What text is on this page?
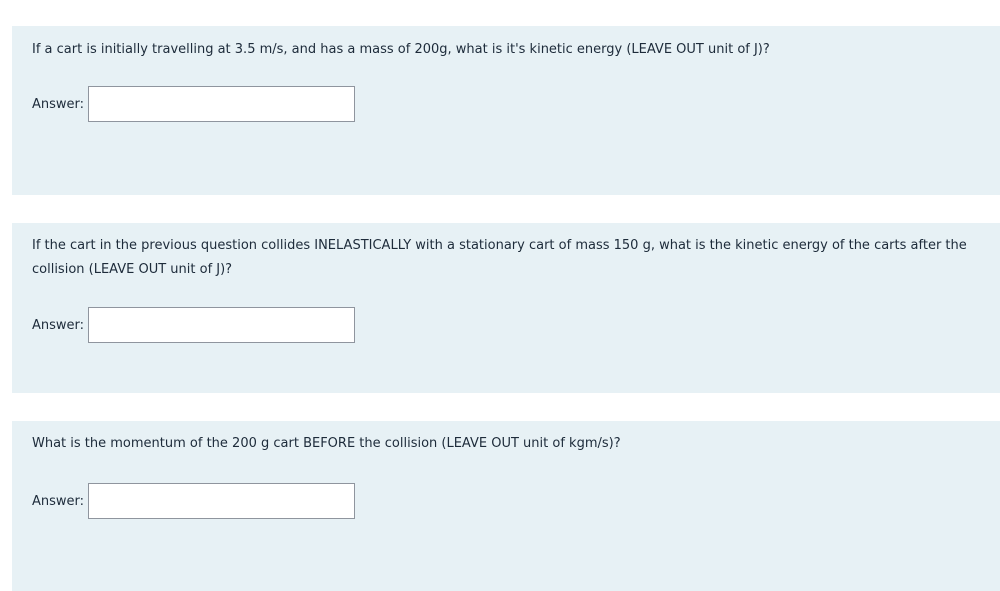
If a cart is initially travelling at 3.5 m/s, and has a mass of 200g, what is it's kinetic energy (LEAVE OUT unit of J)?

Answer:

If the cart in the previous question collides INELASTICALLY with a stationary cart of mass 150 g, what is the kinetic energy of the carts after the collision (LEAVE OUT unit of J)?

Answer:

What is the momentum of the 200 g cart BEFORE the collision (LEAVE OUT unit of kgm/s)?

Answer:
